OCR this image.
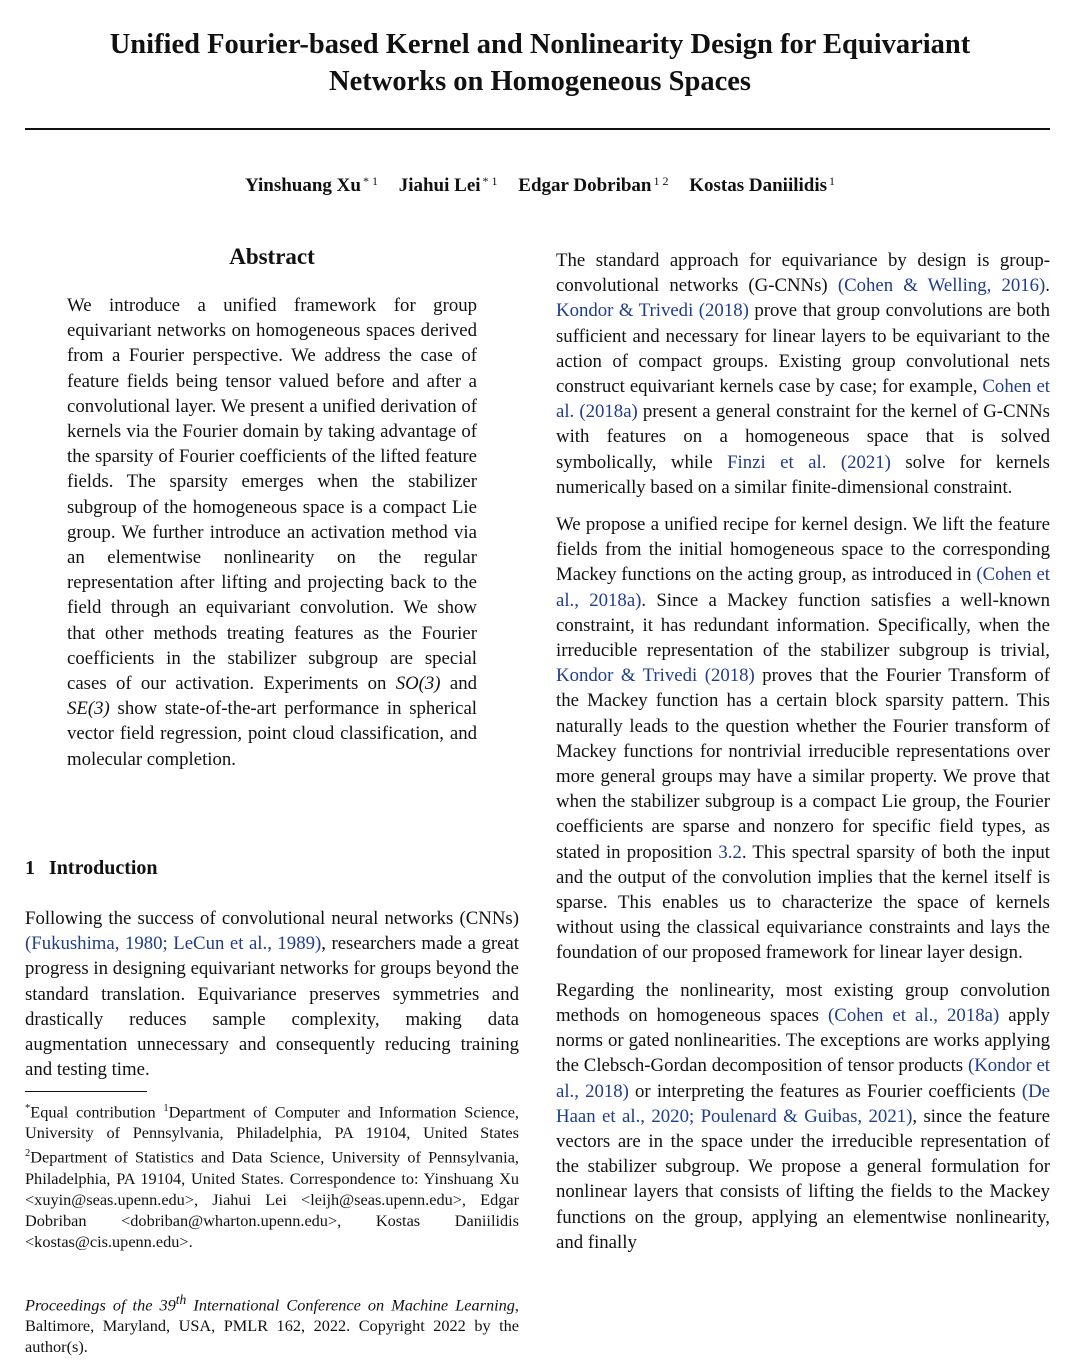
Unified Fourier-based Kernel and Nonlinearity Design for Equivariant
Networks on Homogeneous Spaces
Yinshuang Xu $^{* 1}$ Jiahui Lei $^{* 1}$ Edgar Dobriban $^{1 2}$ Kostas Daniilidis $^1$
Abstract

We introduce a unified framework for group equivariant networks on homogeneous spaces derived from a Fourier perspective. We address the case of feature fields being tensor valued before and after a convolutional layer. We present a unified derivation of kernels via the Fourier domain by taking advantage of the sparsity of Fourier coefficients of the lifted feature fields. The sparsity emerges when the stabilizer subgroup of the homogeneous space is a compact Lie group. We further introduce an activation method via an elementwise nonlinearity on the regular representation after lifting and projecting back to the field through an equivariant convolution. We show that other methods treating features as the Fourier coefficients in the stabilizer subgroup are special cases of our activation. Experiments on SO(3) and SE(3) show state-of-the-art performance in spherical vector field regression, point cloud classification, and molecular completion.

1 Introduction

Following the success of convolutional neural networks (CNNs) (Fukushima, 1980; LeCun et al., 1989), researchers made a great progress in designing equivariant networks for groups beyond the standard translation. Equivariance preserves symmetries and drastically reduces sample complexity, making data augmentation unnecessary and consequently reducing training and testing time.

*Equal contribution $^1$Department of Computer and Information Science, University of Pennsylvania, Philadelphia, PA 19104, United States $^2$Department of Statistics and Data Science, University of Pennsylvania, Philadelphia, PA 19104, United States. Correspondence to: Yinshuang Xu <xuyin@seas.upenn.edu>, Jiahui Lei <leijh@seas.upenn.edu>, Edgar Dobriban <dobriban@wharton.upenn.edu>, Kostas Daniilidis <kostas@cis.upenn.edu>.

Proceedings of the 39th International Conference on Machine Learning, Baltimore, Maryland, USA, PMLR 162, 2022. Copyright 2022 by the author(s).

The standard approach for equivariance by design is group-convolutional networks (G-CNNs) (Cohen & Welling, 2016). Kondor & Trivedi (2018) prove that group convolutions are both sufficient and necessary for linear layers to be equivariant to the action of compact groups. Existing group convolutional nets construct equivariant kernels case by case; for example, Cohen et al. (2018a) present a general constraint for the kernel of G-CNNs with features on a homogeneous space that is solved symbolically, while Finzi et al. (2021) solve for kernels numerically based on a similar finite-dimensional constraint.

We propose a unified recipe for kernel design. We lift the feature fields from the initial homogeneous space to the corresponding Mackey functions on the acting group, as introduced in (Cohen et al., 2018a). Since a Mackey function satisfies a well-known constraint, it has redundant information. Specifically, when the irreducible representation of the stabilizer subgroup is trivial, Kondor & Trivedi (2018) proves that the Fourier Transform of the Mackey function has a certain block sparsity pattern. This naturally leads to the question whether the Fourier transform of Mackey functions for nontrivial irreducible representations over more general groups may have a similar property. We prove that when the stabilizer subgroup is a compact Lie group, the Fourier coefficients are sparse and nonzero for specific field types, as stated in proposition 3.2. This spectral sparsity of both the input and the output of the convolution implies that the kernel itself is sparse. This enables us to characterize the space of kernels without using the classical equivariance constraints and lays the foundation of our proposed framework for linear layer design.

Regarding the nonlinearity, most existing group convolution methods on homogeneous spaces (Cohen et al., 2018a) apply norms or gated nonlinearities. The exceptions are works applying the Clebsch-Gordan decomposition of tensor products (Kondor et al., 2018) or interpreting the features as Fourier coefficients (De Haan et al., 2020; Poulenard & Guibas, 2021), since the feature vectors are in the space under the irreducible representation of the stabilizer subgroup. We propose a general formulation for nonlinear layers that consists of lifting the fields to the Mackey functions on the group, applying an elementwise nonlinearity, and finally
